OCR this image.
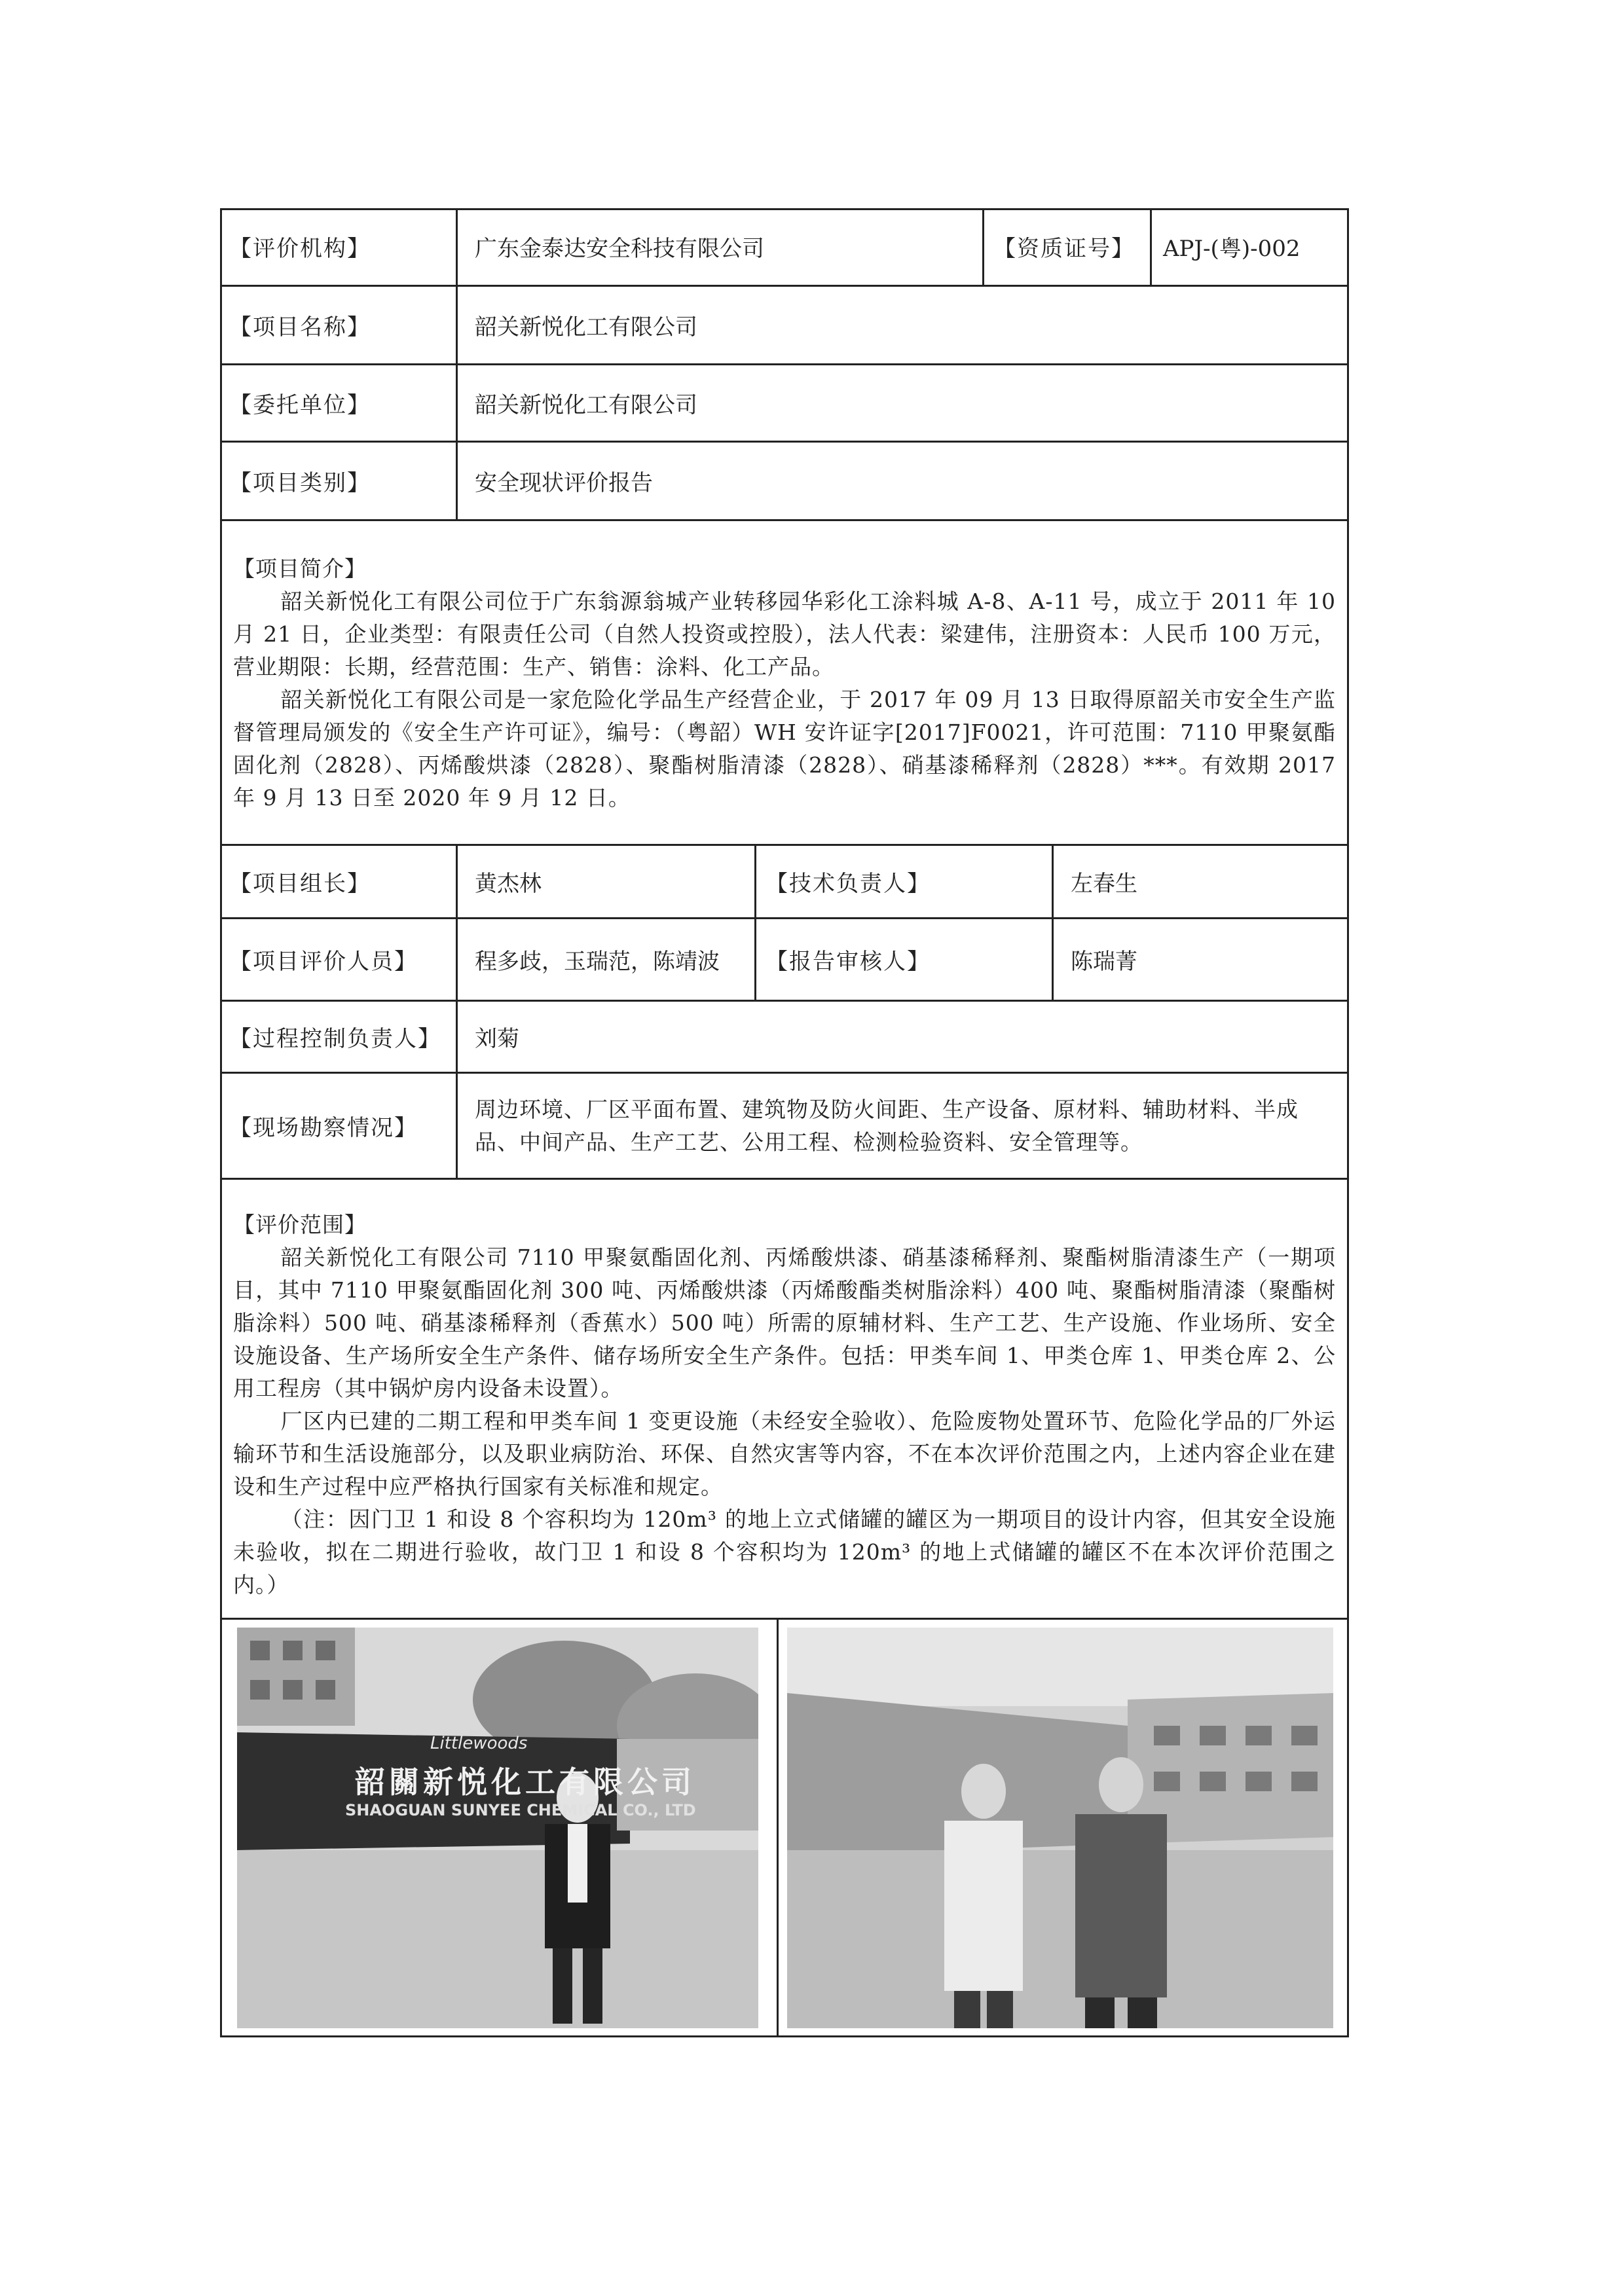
【评价机构】	广东金泰达安全科技有限公司	【资质证号】	APJ-(粤)-002
【项目名称】	韶关新悦化工有限公司
【委托单位】	韶关新悦化工有限公司
【项目类别】	安全现状评价报告

【项目简介】

韶关新悦化工有限公司位于广东翁源翁城产业转移园华彩化工涂料城 A-8、A-11 号，成立于 2011 年 10 月 21 日，企业类型：有限责任公司（自然人投资或控股），法人代表：梁建伟，注册资本：人民币 100 万元，营业期限：长期，经营范围：生产、销售：涂料、化工产品。

韶关新悦化工有限公司是一家危险化学品生产经营企业，于 2017 年 09 月 13 日取得原韶关市安全生产监督管理局颁发的《安全生产许可证》，编号：（粤韶）WH 安许证字[2017]F0021，许可范围：7110 甲聚氨酯固化剂（2828）、丙烯酸烘漆（2828）、聚酯树脂清漆（2828）、硝基漆稀释剂（2828）***。有效期 2017 年 9 月 13 日至 2020 年 9 月 12 日。

【项目组长】	黄杰林	【技术负责人】	左春生
【项目评价人员】	程多歧，玉瑞范，陈靖波	【报告审核人】	陈瑞菁
【过程控制负责人】	刘菊
【现场勘察情况】
周边环境、厂区平面布置、建筑物及防火间距、生产设备、原材料、辅助材料、半成品、中间产品、生产工艺、公用工程、检测检验资料、安全管理等。

【评价范围】

韶关新悦化工有限公司 7110 甲聚氨酯固化剂、丙烯酸烘漆、硝基漆稀释剂、聚酯树脂清漆生产（一期项目，其中 7110 甲聚氨酯固化剂 300 吨、丙烯酸烘漆（丙烯酸酯类树脂涂料）400 吨、聚酯树脂清漆（聚酯树脂涂料）500 吨、硝基漆稀释剂（香蕉水）500 吨）所需的原辅材料、生产工艺、生产设施、作业场所、安全设施设备、生产场所安全生产条件、储存场所安全生产条件。包括：甲类车间 1、甲类仓库 1、甲类仓库 2、公用工程房（其中锅炉房内设备未设置）。

厂区内已建的二期工程和甲类车间 1 变更设施（未经安全验收）、危险废物处置环节、危险化学品的厂外运输环节和生活设施部分，以及职业病防治、环保、自然灾害等内容，不在本次评价范围之内，上述内容企业在建设和生产过程中应严格执行国家有关标准和规定。

（注：因门卫 1 和设 8 个容积均为 120m³ 的地上立式储罐的罐区为一期项目的设计内容，但其安全设施未验收，拟在二期进行验收，故门卫 1 和设 8 个容积均为 120m³ 的地上式储罐的罐区不在本次评价范围之内。）

Littlewoods
韶關新悦化工有限公司
SHAOGUAN SUNYEE CHEMICAL CO., LTD
